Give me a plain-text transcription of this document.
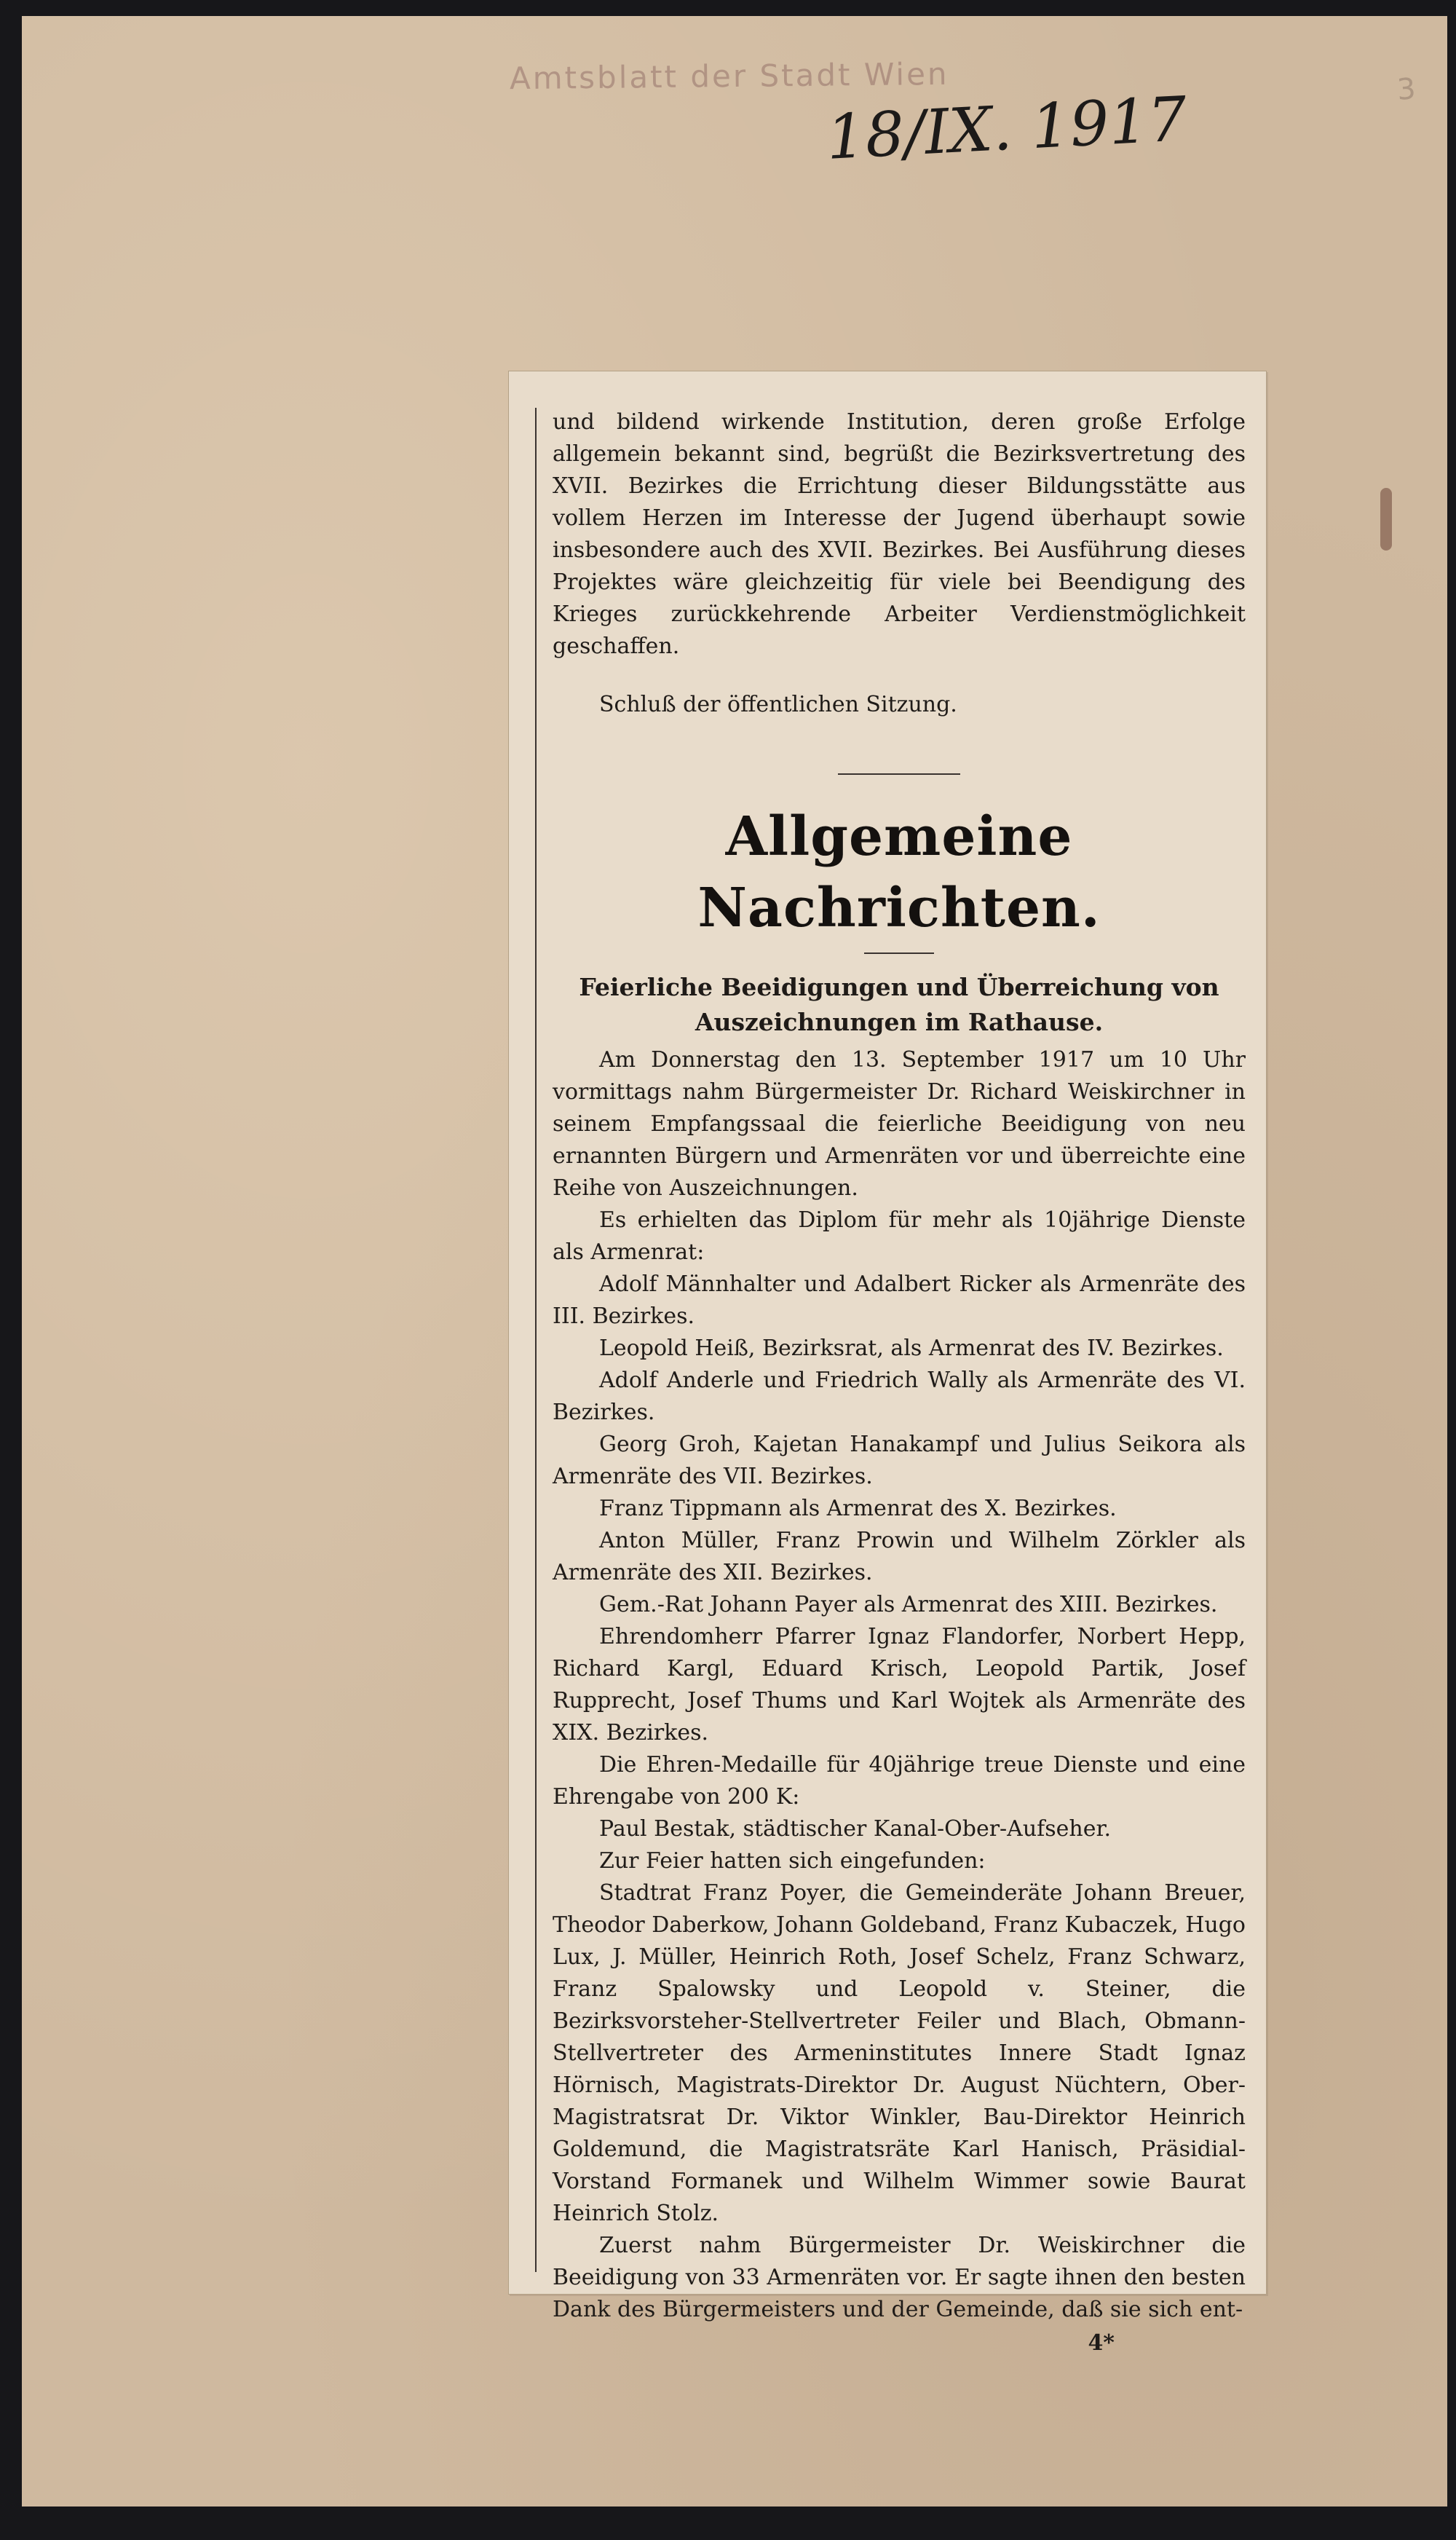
Amtsblatt der Stadt Wien	3
18/IX. 1917

und bildend wirkende Institution, deren große Erfolge allgemein bekannt sind, begrüßt die Bezirksvertretung des XVII. Bezirkes die Errichtung dieser Bildungsstätte aus vollem Herzen im Interesse der Jugend überhaupt sowie insbesondere auch des XVII. Bezirkes. Bei Ausführung dieses Projektes wäre gleichzeitig für viele bei Beendigung des Krieges zurückkehrende Arbeiter Verdienstmöglichkeit geschaffen.

Schluß der öffentlichen Sitzung.

Allgemeine Nachrichten.
Feierliche Beeidigungen und Überreichung von Auszeichnungen im Rathause.

Am Donnerstag den 13. September 1917 um 10 Uhr vormittags nahm Bürgermeister Dr. Richard Weiskirchner in seinem Empfangssaal die feierliche Beeidigung von neu ernannten Bürgern und Armenräten vor und überreichte eine Reihe von Auszeichnungen.

Es erhielten das Diplom für mehr als 10jährige Dienste als Armenrat:

Adolf Männhalter und Adalbert Ricker als Armenräte des III. Bezirkes.

Leopold Heiß, Bezirksrat, als Armenrat des IV. Bezirkes.

Adolf Anderle und Friedrich Wally als Armenräte des VI. Bezirkes.

Georg Groh, Kajetan Hanakampf und Julius Seikora als Armenräte des VII. Bezirkes.

Franz Tippmann als Armenrat des X. Bezirkes.

Anton Müller, Franz Prowin und Wilhelm Zörkler als Armenräte des XII. Bezirkes.

Gem.-Rat Johann Payer als Armenrat des XIII. Bezirkes.

Ehrendomherr Pfarrer Ignaz Flandorfer, Norbert Hepp, Richard Kargl, Eduard Krisch, Leopold Partik, Josef Rupprecht, Josef Thums und Karl Wojtek als Armenräte des XIX. Bezirkes.

Die Ehren-Medaille für 40jährige treue Dienste und eine Ehrengabe von 200 K:

Paul Bestak, städtischer Kanal-Ober-Aufseher.

Zur Feier hatten sich eingefunden:

Stadtrat Franz Poyer, die Gemeinderäte Johann Breuer, Theodor Daberkow, Johann Goldeband, Franz Kubaczek, Hugo Lux, J. Müller, Heinrich Roth, Josef Schelz, Franz Schwarz, Franz Spalowsky und Leopold v. Steiner, die Bezirksvorsteher-Stellvertreter Feiler und Blach, Obmann-Stellvertreter des Armeninstitutes Innere Stadt Ignaz Hörnisch, Magistrats-Direktor Dr. August Nüchtern, Ober-Magistratsrat Dr. Viktor Winkler, Bau-Direktor Heinrich Goldemund, die Magistratsräte Karl Hanisch, Präsidial-Vorstand Formanek und Wilhelm Wimmer sowie Baurat Heinrich Stolz.

Zuerst nahm Bürgermeister Dr. Weiskirchner die Beeidigung von 33 Armenräten vor. Er sagte ihnen den besten Dank des Bürgermeisters und der Gemeinde, daß sie sich ent-

4*
